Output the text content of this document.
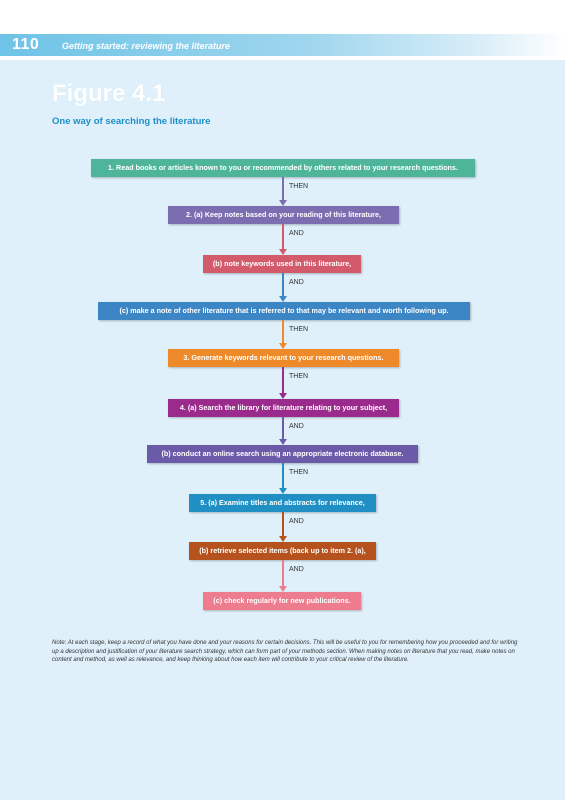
110	Getting started: reviewing the literature
Figure 4.1
One way of searching the literature
1. Read books or articles known to you or recommended by others related to your research questions.
THEN
2. (a) Keep notes based on your reading of this literature,
AND
(b) note keywords used in this literature,
AND
(c) make a note of other literature that is referred to that may be relevant and worth following up.
THEN
3. Generate keywords relevant to your research questions.
THEN
4. (a) Search the library for literature relating to your subject,
AND
(b) conduct an online search using an appropriate electronic database.
THEN
5. (a) Examine titles and abstracts for relevance,
AND
(b) retrieve selected items (back up to item 2. (a),
AND
(c) check regularly for new publications.
Note: At each stage, keep a record of what you have done and your reasons for certain decisions. This will be useful to you for remembering how you proceeded and for writing up a description and justification of your literature search strategy, which can form part of your methods section. When making notes on literature that you read, make notes on content and method, as well as relevance, and keep thinking about how each item will contribute to your critical review of the literature.
